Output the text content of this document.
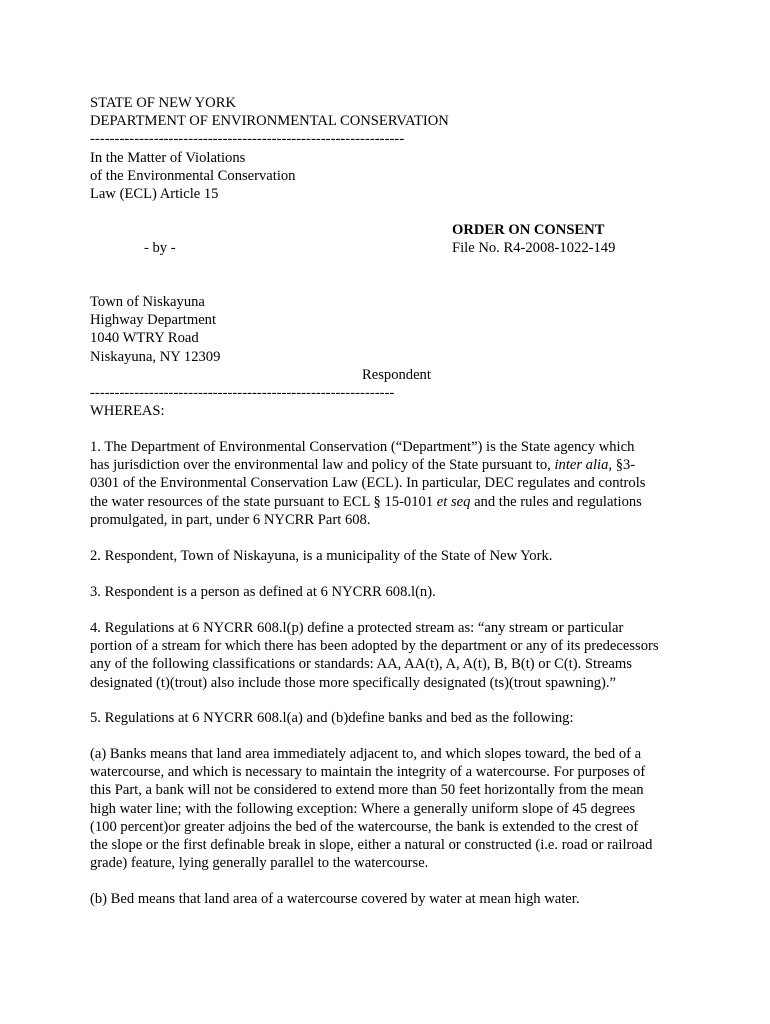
STATE OF NEW YORK
DEPARTMENT OF ENVIRONMENTAL CONSERVATION
----------------------------------------------------------------
In the Matter of Violations
of the Environmental Conservation
Law (ECL) Article 15
ORDER ON CONSENT
- by -	File No. R4-2008-1022-149
Town of Niskayuna
Highway Department
1040 WTRY Road
Niskayuna, NY 12309
Respondent
--------------------------------------------------------------
WHEREAS:
1. The Department of Environmental Conservation (“Department”) is the State agency which
has jurisdiction over the environmental law and policy of the State pursuant to, inter alia, §3-
0301 of the Environmental Conservation Law (ECL). In particular, DEC regulates and controls
the water resources of the state pursuant to ECL § 15-0101 et seq and the rules and regulations
promulgated, in part, under 6 NYCRR Part 608.
2. Respondent, Town of Niskayuna, is a municipality of the State of New York.
3. Respondent is a person as defined at 6 NYCRR 608.l(n).
4. Regulations at 6 NYCRR 608.l(p) define a protected stream as: “any stream or particular
portion of a stream for which there has been adopted by the department or any of its predecessors
any of the following classifications or standards: AA, AA(t), A, A(t), B, B(t) or C(t). Streams
designated (t)(trout) also include those more specifically designated (ts)(trout spawning).”
5. Regulations at 6 NYCRR 608.l(a) and (b)define banks and bed as the following:
(a) Banks means that land area immediately adjacent to, and which slopes toward, the bed of a
watercourse, and which is necessary to maintain the integrity of a watercourse. For purposes of
this Part, a bank will not be considered to extend more than 50 feet horizontally from the mean
high water line; with the following exception: Where a generally uniform slope of 45 degrees
(100 percent)or greater adjoins the bed of the watercourse, the bank is extended to the crest of
the slope or the first definable break in slope, either a natural or constructed (i.e. road or railroad
grade) feature, lying generally parallel to the watercourse.
(b) Bed means that land area of a watercourse covered by water at mean high water.
